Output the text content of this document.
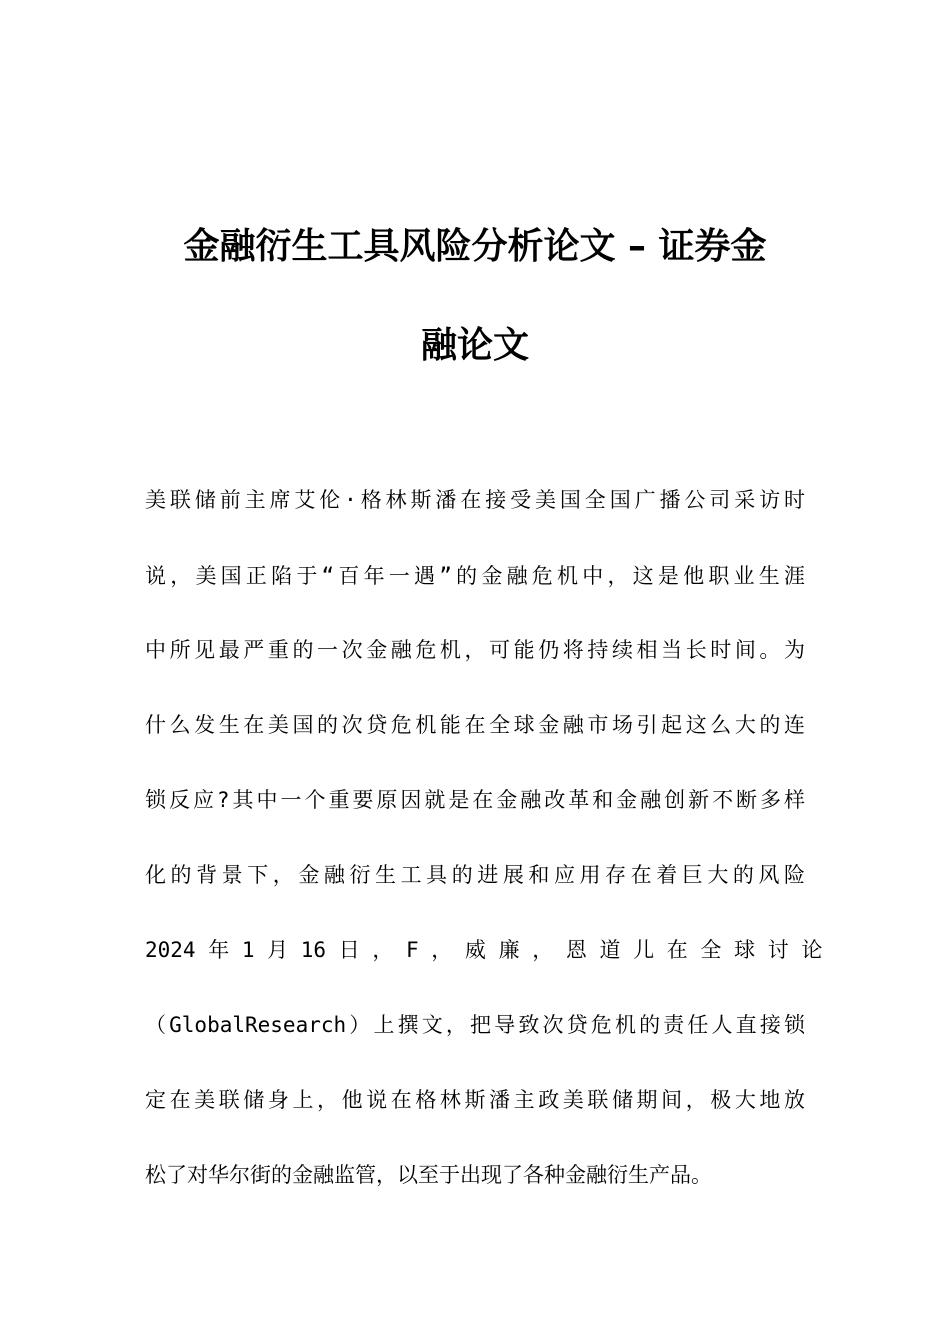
金融衍生工具风险分析论文 – 证券金
融论文
美联储前主席艾伦·格林斯潘在接受美国全国广播公司采访时
说，美国正陷于“百年一遇”的金融危机中，这是他职业生涯
中所见最严重的一次金融危机，可能仍将持续相当长时间。为
什么发生在美国的次贷危机能在全球金融市场引起这么大的连
锁反应?其中一个重要原因就是在金融改革和金融创新不断多样
化的背景下，金融衍生工具的进展和应用存在着巨大的风险
2024 年 1 月 16 日 ， F ， 威 廉 ， 恩 道 儿 在 全 球 讨 论
（GlobalResearch）上撰文，把导致次贷危机的责任人直接锁
定在美联储身上，他说在格林斯潘主政美联储期间，极大地放
松了对华尔街的金融监管，以至于出现了各种金融衍生产品。
